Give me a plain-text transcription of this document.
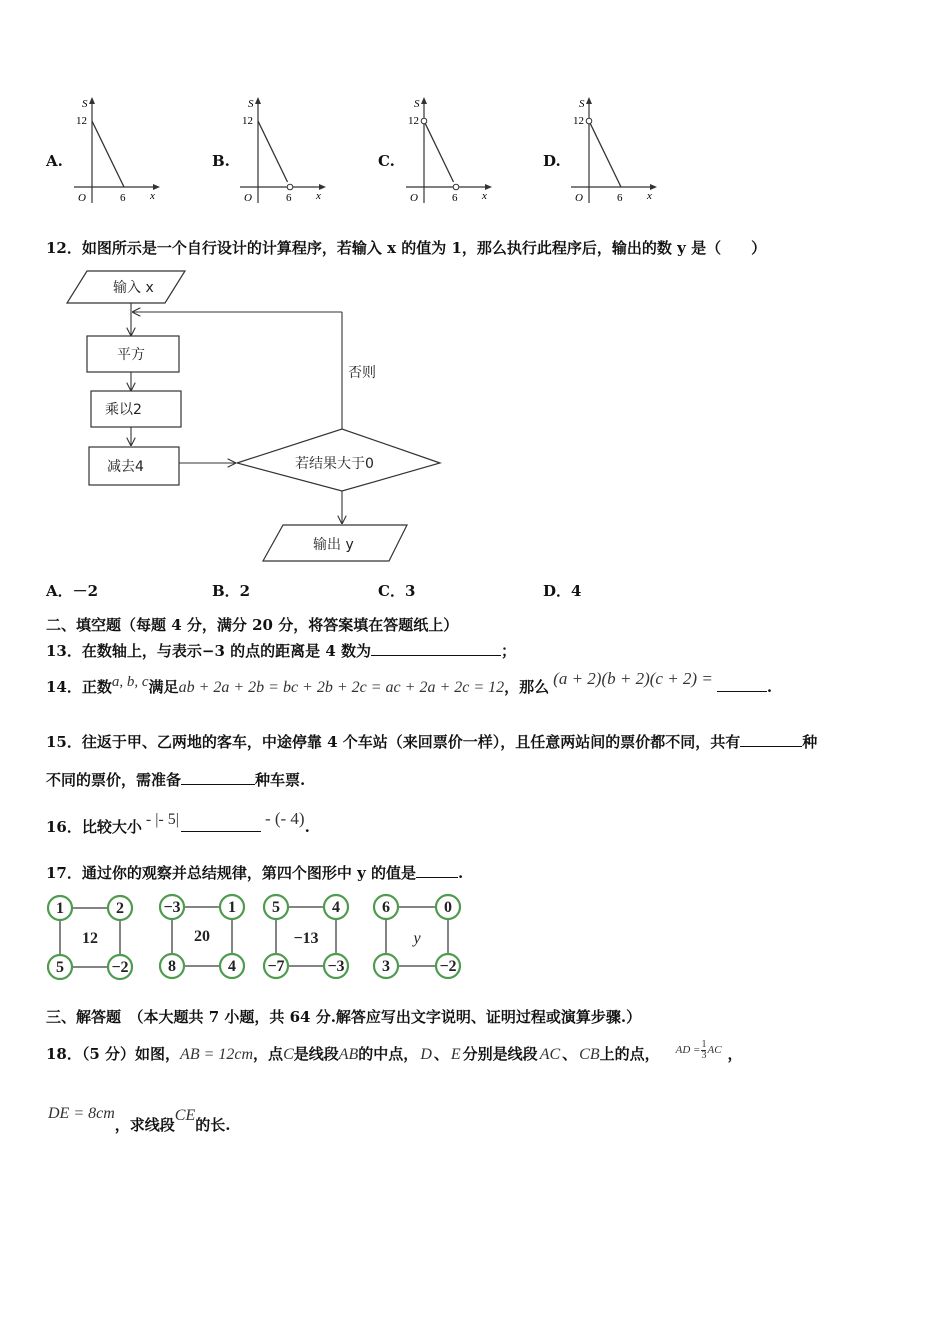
A.	B.	C.	D.
S
12
O	6 x
S
12
O	6 x
S
12
O	6 x
S
12
O	6 x
12．如图所示是一个自行设计的计算程序，若输入 x 的值为 1，那么执行此程序后，输出的数 y 是（　　）
输入 x
否则
平方
乘以2
减去4	若结果大于0
输出 y
A．－2	B．2	C．3	D．4
二、填空题（每题 4 分，满分 20 分，将答案填在答题纸上）
13．在数轴上，与表示−3 的点的距离是 4 数为	；
14．正数a, b, c满足ab + 2a + 2b = bc + 2b + 2c = ac + 2a + 2c = 12，那么 (a + 2)(b + 2)(c + 2) =	.
15．往返于甲、乙两地的客车，中途停靠 4 个车站（来回票价一样），且任意两站间的票价都不同，共有	种
不同的票价，需准备	种车票.
16．比较大小 - |- 5|	- (- 4).
17．通过你的观察并总结规律，第四个图形中 y 的值是	.
1	2
5	−2
12
−3	1
8	4
20
5	4
−7	−3
−13
6	0
3	−2
y
三、解答题　（本大题共 7 小题，共 64 分.解答应写出文字说明、证明过程或演算步骤.）
18．（5 分）如图，AB = 12cm，点C是线段AB的中点， D 、 E 分别是线段 AC 、 CB上的点， $^{AD = \frac{1}{3} AC}$ ，
DE = 8cm，求线段CE的长.
